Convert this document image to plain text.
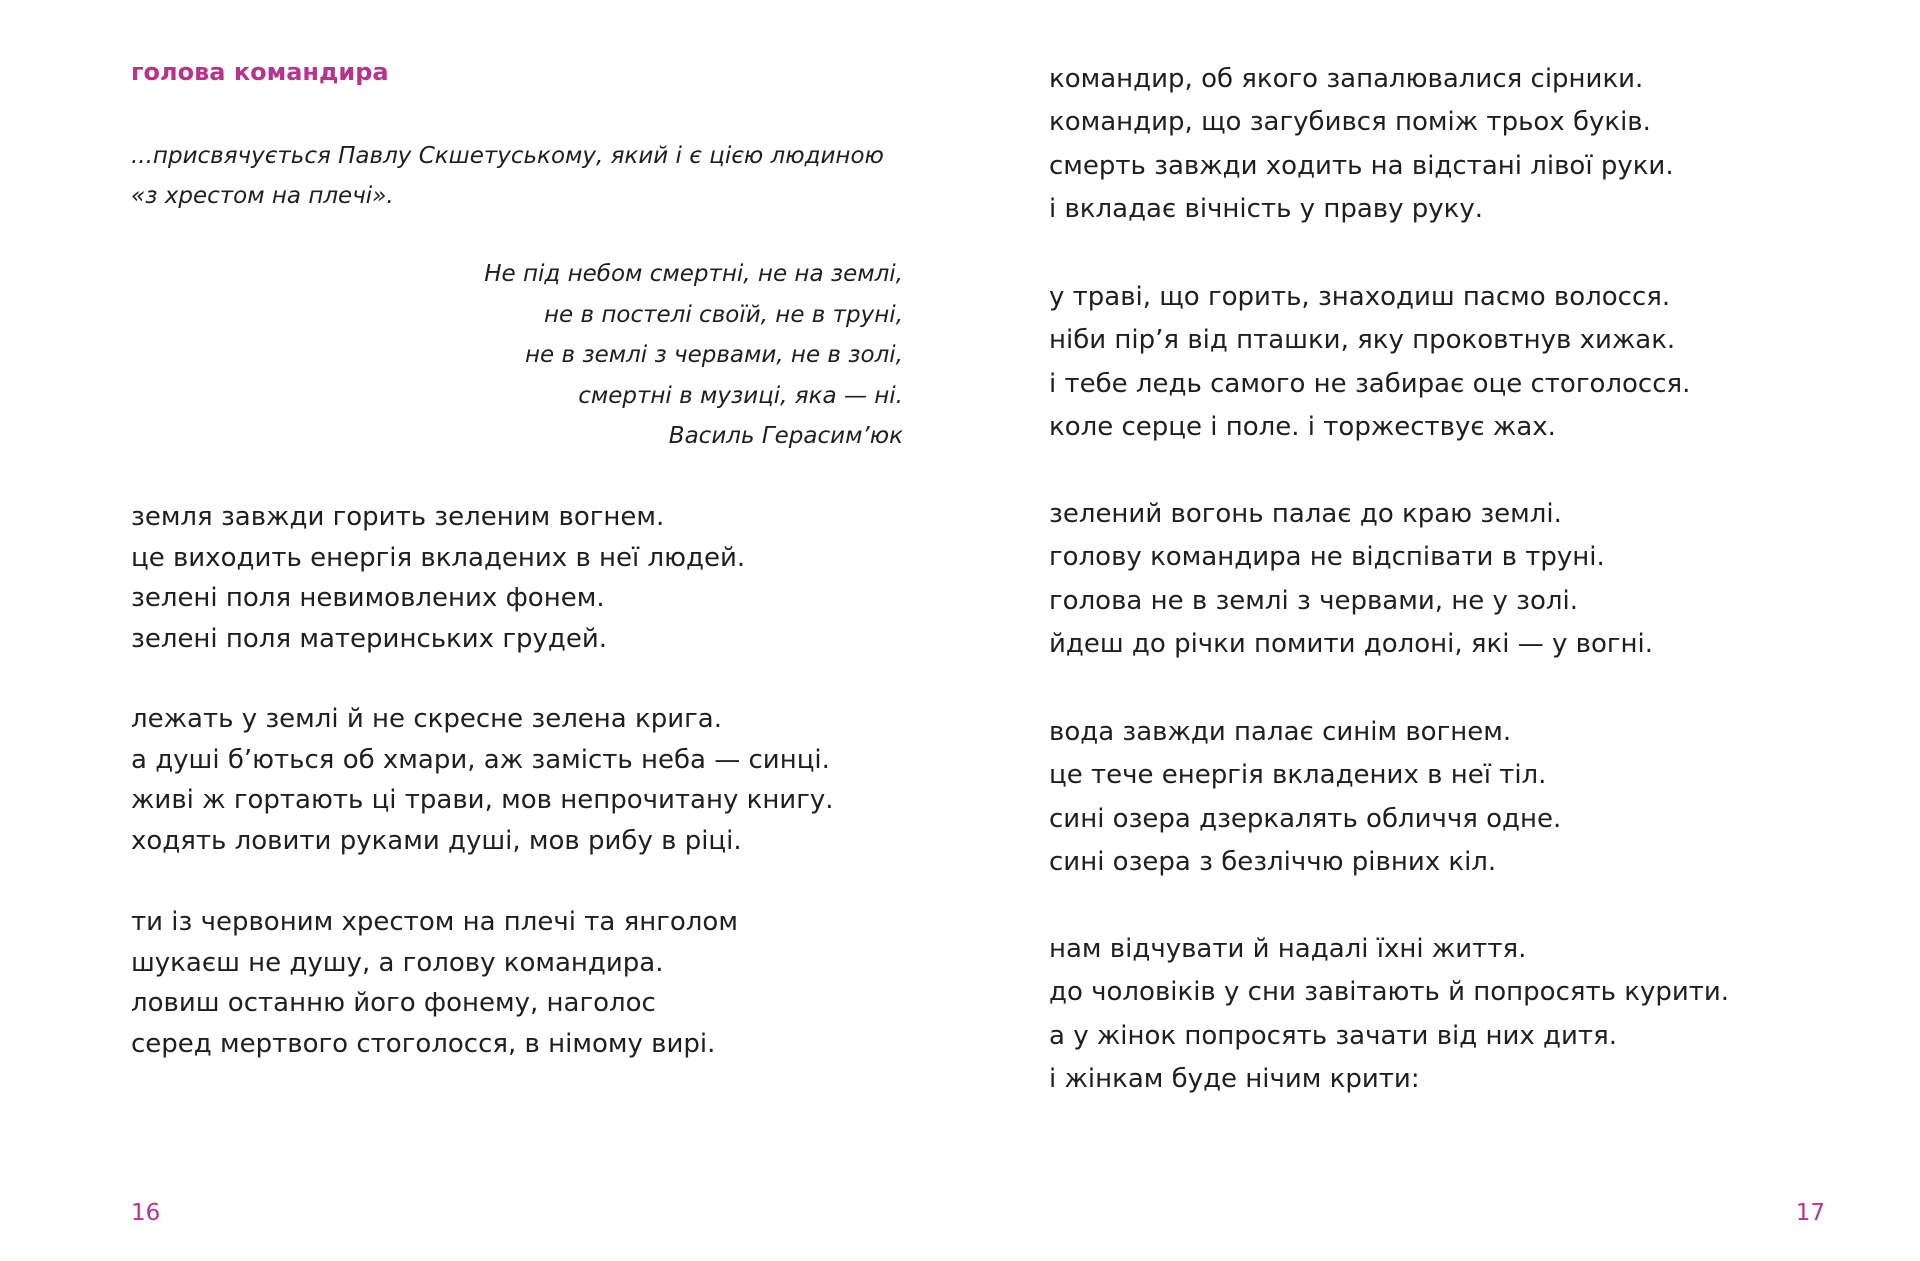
голова командира
...присвячується Павлу Скшетуському, який і є цією людиною
«з хрестом на плечі».
Не під небом смертні, не на землі,
не в постелі своїй, не в труні,
не в землі з червами, не в золі,
смертні в музиці, яка — ні.
Василь Герасим’юк
земля завжди горить зеленим вогнем.
це виходить енергія вкладених в неї людей.
зелені поля невимовлених фонем.
зелені поля материнських грудей.
лежать у землі й не скресне зелена крига.
а душі б’ються об хмари, аж замість неба — синці.
живі ж гортають ці трави, мов непрочитану книгу.
ходять ловити руками душі, мов рибу в ріці.
ти із червоним хрестом на плечі та янголом
шукаєш не душу, а голову командира.
ловиш останню його фонему, наголос
серед мертвого стоголосся, в німому вирі.
16
командир, об якого запалювалися сірники.
командир, що загубився поміж трьох буків.
смерть завжди ходить на відстані лівої руки.
і вкладає вічність у праву руку.
у траві, що горить, знаходиш пасмо волосся.
ніби пір’я від пташки, яку проковтнув хижак.
і тебе ледь самого не забирає оце стоголосся.
коле серце і поле. і торжествує жах.
зелений вогонь палає до краю землі.
голову командира не відспівати в труні.
голова не в землі з червами, не у золі.
йдеш до річки помити долоні, які — у вогні.
вода завжди палає синім вогнем.
це тече енергія вкладених в неї тіл.
сині озера дзеркалять обличчя одне.
сині озера з безліччю рівних кіл.
нам відчувати й надалі їхні життя.
до чоловіків у сни завітають й попросять курити.
а у жінок попросять зачати від них дитя.
і жінкам буде нічим крити:
17
